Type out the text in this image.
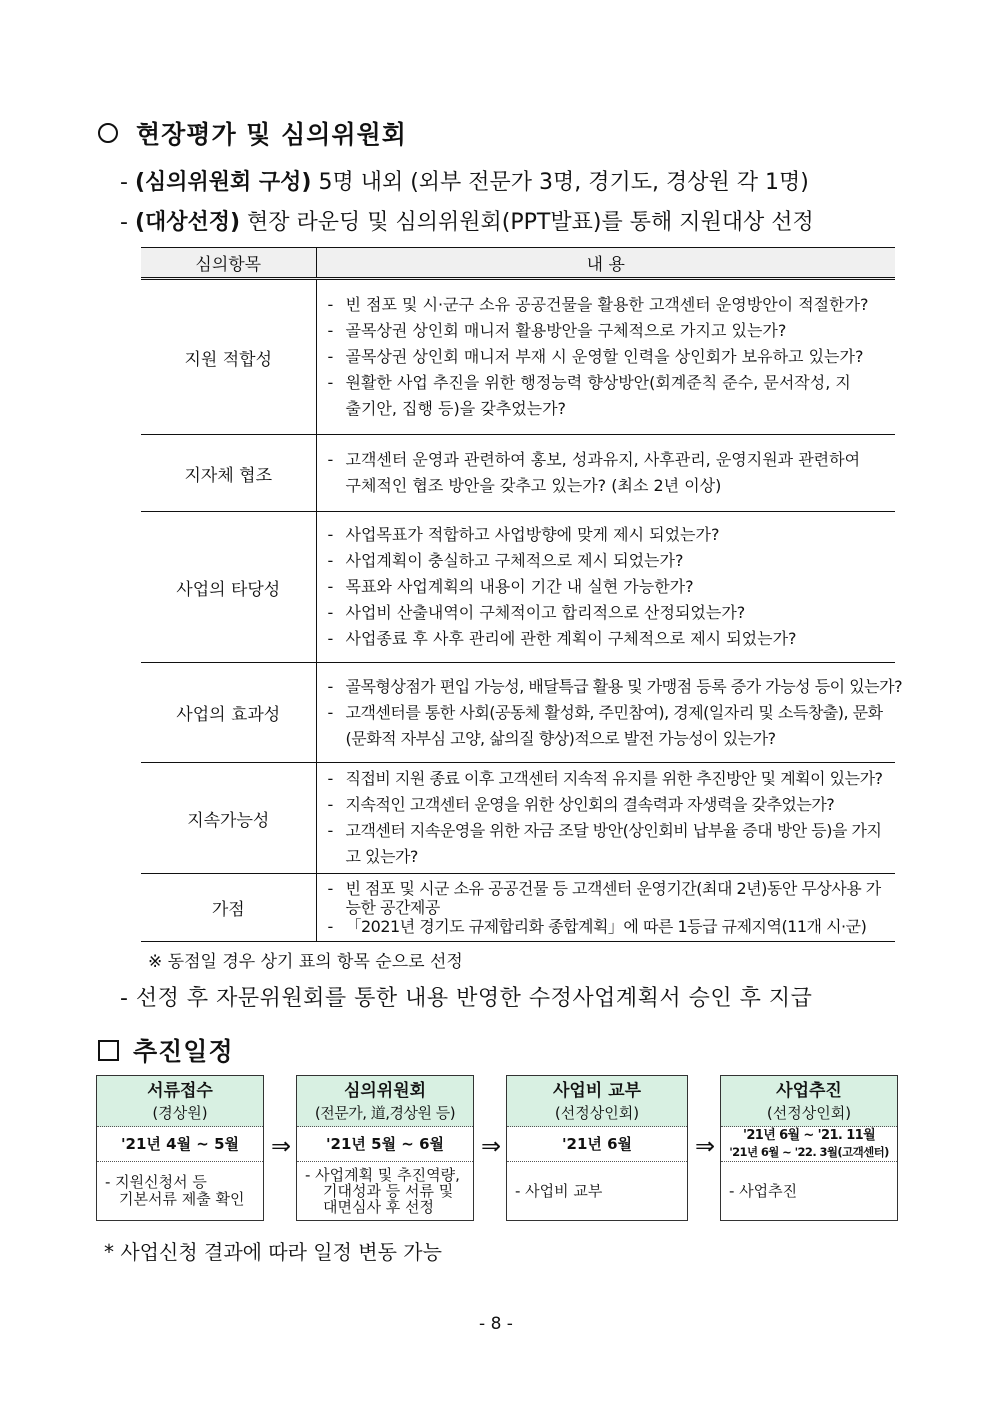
현장평가 및 심의위원회
- (심의위원회 구성) 5명 내외 (외부 전문가 3명, 경기도, 경상원 각 1명)
- (대상선정) 현장 라운딩 및 심의위원회(PPT발표)를 통해 지원대상 선정
심의항목	내 용
지원 적합성	- 빈 점포 및 시·군구 소유 공공건물을 활용한 고객센터 운영방안이 적절한가?
- 골목상권 상인회 매니저 활용방안을 구체적으로 가지고 있는가?
- 골목상권 상인회 매니저 부재 시 운영할 인력을 상인회가 보유하고 있는가?
- 원활한 사업 추진을 위한 행정능력 향상방안(회계준칙 준수, 문서작성, 지출기안, 집행 등)을 갖추었는가?

지자체 협조	- 고객센터 운영과 관련하여 홍보, 성과유지, 사후관리, 운영지원과 관련하여 구체적인 협조 방안을 갖추고 있는가? (최소 2년 이상)

사업의 타당성	- 사업목표가 적합하고 사업방향에 맞게 제시 되었는가?
- 사업계획이 충실하고 구체적으로 제시 되었는가?
- 목표와 사업계획의 내용이 기간 내 실현 가능한가?
- 사업비 산출내역이 구체적이고 합리적으로 산정되었는가?
- 사업종료 후 사후 관리에 관한 계획이 구체적으로 제시 되었는가?

사업의 효과성	- 골목형상점가 편입 가능성, 배달특급 활용 및 가맹점 등록 증가 가능성 등이 있는가?
- 고객센터를 통한 사회(공동체 활성화, 주민참여), 경제(일자리 및 소득창출), 문화(문화적 자부심 고양, 삶의질 향상)적으로 발전 가능성이 있는가?

지속가능성	- 직접비 지원 종료 이후 고객센터 지속적 유지를 위한 추진방안 및 계획이 있는가?
- 지속적인 고객센터 운영을 위한 상인회의 결속력과 자생력을 갖추었는가?
- 고객센터 지속운영을 위한 자금 조달 방안(상인회비 납부율 증대 방안 등)을 가지고 있는가?

가점	- 빈 점포 및 시군 소유 공공건물 등 고객센터 운영기간(최대 2년)동안 무상사용 가능한 공간제공
- 「2021년 경기도 규제합리화 종합계획」에 따른 1등급 규제지역(11개 시·군)
※ 동점일 경우 상기 표의 항목 순으로 선정
- 선정 후 자문위원회를 통한 내용 반영한 수정사업계획서 승인 후 지급
추진일정
서류접수
(경상원)
'21년 4월 ~ 5월
- 지원신청서 등
기본서류 제출 확인
⇒
심의위원회
(전문가, 道,경상원 등)
'21년 5월 ~ 6월
- 사업계획 및 추진역량,
기대성과 등 서류 및
대면심사 후 선정
⇒
사업비 교부
(선정상인회)
'21년 6월
- 사업비 교부
⇒
사업추진
(선정상인회)
'21년 6월 ~ '21. 11월
'21년 6월 ~ '22. 3월(고객센터)
- 사업추진
* 사업신청 결과에 따라 일정 변동 가능
- 8 -
